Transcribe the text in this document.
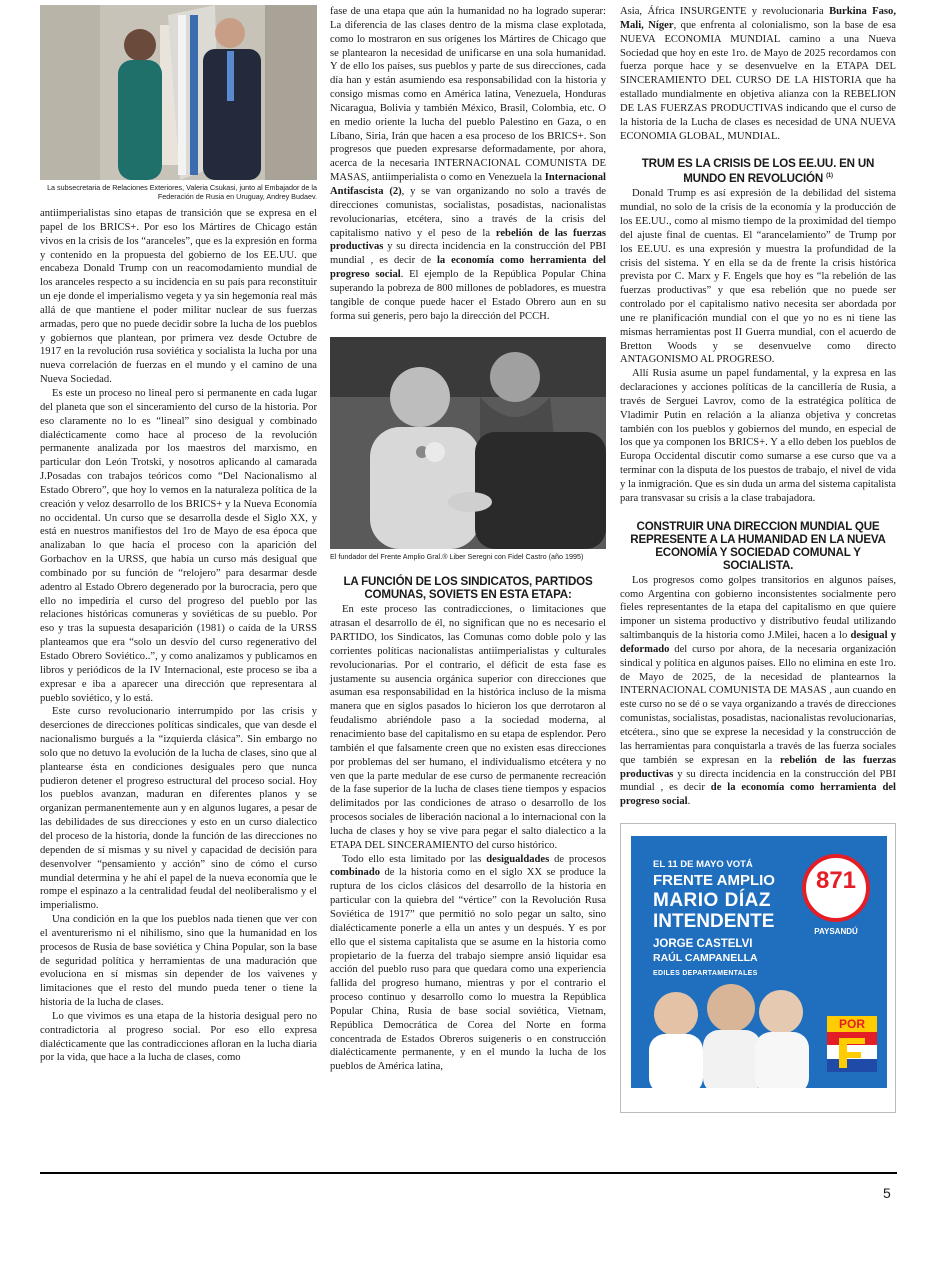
La subsecretaria de Relaciones Exteriores, Valeria Csukasi, junto al Embajador de la Federación de Rusia en Uruguay, Andrey Budaev.

antiimperialistas sino etapas de transición que se expresa en el papel de los BRICS+. Por eso los Mártires de Chicago están vivos en la crisis de los “aranceles”, que es la expresión en forma y contenido en la propuesta del gobierno de los EE.UU. que encabeza Donald Trump con un reacomodamiento mundial de los aranceles respecto a su incidencia en su país para reconstituir un eje donde el imperialismo vegeta y ya sin hegemonía real más allá de que mantiene el poder militar nuclear de sus fuerzas armadas, pero que no puede decidir sobre la lucha de los pueblos y gobiernos que plantean, por primera vez desde Octubre de 1917 en la revolución rusa soviética y socialista la lucha por una nueva correlación de fuerzas en el mundo y el camino de una Nueva Sociedad.

Es este un proceso no lineal pero si permanente en cada lugar del planeta que son el sinceramiento del curso de la historia. Por eso claramente no lo es “lineal” sino desigual y combinado dialécticamente como hace al proceso de la revolución permanente analizada por los maestros del marxismo, en particular don León Trotski, y nosotros aplicando al camarada J.Posadas con trabajos teóricos como “Del Nacionalismo al Estado Obrero”, que hoy lo vemos en la naturaleza política de la creación y veloz desarrollo de los BRICS+ y la Nueva Economía no occidental. Un curso que se desarrolla desde el Siglo XX, y está en nuestros manifiestos del 1ro de Mayo de esa época que analizaban lo que hacía el proceso con la aparición del Gorbachov en la URSS, que había un curso más desigual que combinado por su función de “relojero” para desarmar desde adentro al Estado Obrero degenerado por la burocracia, pero que ello no impediría el curso del progreso del pueblo por las relaciones históricas comuneras y soviéticas de su pueblo. Por eso y tras la supuesta desaparición (1981) o caída de la URSS planteamos que era “solo un desvío del curso regenerativo del Estado Obrero Soviético..”, y como analizamos y publicamos en libros y periódicos de la IV Internacional, este proceso se iba a expresar e iba a aparecer una dirección que representara al pueblo soviético, y lo está.

Este curso revolucionario interrumpido por las crisis y deserciones de direcciones políticas sindicales, que van desde el nacionalismo burgués a la “izquierda clásica”. Sin embargo no solo que no detuvo la evolución de la lucha de clases, sino que al plantearse ésta en condiciones desiguales pero que nunca pudieron detener el progreso estructural del proceso social. Hoy los pueblos avanzan, maduran en diferentes planos y se organizan permanentemente aun y en algunos lugares, a pesar de las debilidades de sus direcciones y esto en un curso dialectico del proceso de la historia, donde la función de las direcciones no dependen de sí mismas y su nivel y capacidad de decisión para desenvolver “pensamiento y acción” sino de cómo el curso mundial determina y he ahí el papel de la nueva economía que le rompe el espinazo a la centralidad feudal del neoliberalismo y el imperialismo.

Una condición en la que los pueblos nada tienen que ver con el aventurerismo ni el nihilismo, sino que la humanidad en los procesos de Rusia de base soviética y China Popular, son la base de seguridad política y herramientas de una maduración que evoluciona en sí mismas sin depender de los vaivenes y limitaciones que el resto del mundo pueda tener o tiene la historia de la lucha de clases.

Lo que vivimos es una etapa de la historia desigual pero no contradictoria al progreso social. Por eso ello expresa dialécticamente que las contradicciones afloran en la lucha diaria por la vida, que hace a la lucha de clases, como

fase de una etapa que aún la humanidad no ha logrado superar: La diferencia de las clases dentro de la misma clase explotada, como lo mostraron en sus orígenes los Mártires de Chicago que se plantearon la necesidad de unificarse en una sola humanidad. Y de ello los países, sus pueblos y parte de sus direcciones, cada día han y están asumiendo esa responsabilidad con la historia y consigo mismas como en América latina, Venezuela, Honduras Nicaragua, Bolivia y también México, Brasil, Colombia, etc. O en medio oriente la lucha del pueblo Palestino en Gaza, o en Líbano, Siria, Irán que hacen a esa proceso de los BRICS+. Son progresos que pueden expresarse deformadamente, por ahora, acerca de la necesaria INTERNACIONAL COMUNISTA DE MASAS, antiimperialista o como en Venezuela la Internacional Antifascista (2), y se van organizando no solo a través de direcciones comunistas, socialistas, posadistas, nacionalistas revolucionarias, etcétera, sino a través de la crisis del capitalismo nativo y el peso de la rebelión de las fuerzas productivas y su directa incidencia en la construcción del PBI mundial , es decir de la economía como herramienta del progreso social. El ejemplo de la República Popular China superando la pobreza de 800 millones de pobladores, es muestra tangible de conque puede hacer el Estado Obrero aun en su forma sui generis, pero bajo la dirección del PCCH.

El fundador del Frente Amplio Gral.® Liber Seregni con Fidel Castro (año 1995)
LA FUNCIÓN DE LOS SINDICATOS, PARTIDOS COMUNAS, SOVIETS EN ESTA ETAPA:

En este proceso las contradicciones, o limitaciones que atrasan el desarrollo de él, no significan que no es necesario el PARTIDO, los Sindicatos, las Comunas como doble polo y las corrientes políticas nacionalistas antiimperialistas y culturales revolucionarias. Por el contrario, el déficit de esta fase es justamente su ausencia orgánica superior con direcciones que asuman esa responsabilidad en la histórica incluso de la misma manera que en siglos pasados lo hicieron los que derrotaron al feudalismo abriéndole paso a la sociedad moderna, al renacimiento base del capitalismo en su etapa de esplendor. Pero también el que falsamente creen que no existen esas direcciones por problemas del ser humano, el individualismo etcétera y no ven que la parte medular de ese curso de permanente recreación de la fase superior de la lucha de clases tiene tiempos y espacios delimitados por las condiciones de atraso o desarrollo de los procesos sociales de liberación nacional a lo internacional con la lucha de clases y hoy se vive para pegar el salto dialectico a la ETAPA DEL SINCERAMIENTO del curso histórico.

Todo ello esta limitado por las desigualdades de procesos combinado de la historia como en el siglo XX se produce la ruptura de los ciclos clásicos del desarrollo de la historia en particular con la quiebra del “vértice” con la Revolución Rusa Soviética de 1917” que permitió no solo pegar un salto, sino dialécticamente ponerle a ella un antes y un después. Y es por ello que el sistema capitalista que se asume en la historia como propietario de la fuerza del trabajo siempre ansió liquidar esa acción del pueblo ruso para que quedara como una experiencia fallida del progreso humano, mientras y por el contrario el proceso continuo y desarrollo como lo muestra la República Popular China, Rusia de base social soviética, Vietnam, República Democrática de Corea del Norte en forma concentrada de Estados Obreros suigeneris o en construcción dialécticamente permanente, y en el mundo la lucha de los pueblos de América latina,

Asia, África INSURGENTE y revolucionaria Burkina Faso, Mali, Níger, que enfrenta al colonialismo, son la base de esa NUEVA ECONOMIA MUNDIAL camino a una Nueva Sociedad que hoy en este 1ro. de Mayo de 2025 recordamos con fuerza porque hace y se desenvuelve en la ETAPA DEL SINCERAMIENTO DEL CURSO DE LA HISTORIA que ha estallado mundialmente en objetiva alianza con la REBELION DE LAS FUERZAS PRODUCTIVAS indicando que el curso de la historia de la Lucha de clases es necesidad de UNA NUEVA ECONOMIA GLOBAL, MUNDIAL.

TRUM ES LA CRISIS DE LOS EE.UU. EN UN MUNDO EN REVOLUCIÓN $^{(1)}$

Donald Trump es así expresión de la debilidad del sistema mundial, no solo de la crisis de la economía y la producción de los EE.UU., como al mismo tiempo de la proximidad del tiempo del ajuste final de cuentas. El “arancelamiento” de Trump por los EE.UU. es una expresión y muestra la profundidad de la crisis del sistema. Y en ella se da de frente la crisis histórica prevista por C. Marx y F. Engels que hoy es “la rebelión de las fuerzas productivas” y que esa rebelión que no puede ser controlado por el capitalismo nativo necesita ser abordada por une re planificación mundial con el que yo no es ni tiene las mismas herramientas post II Guerra mundial, con el acuerdo de Bretton Woods y se desenvuelve como directo ANTAGONISMO AL PROGRESO.

Allí Rusia asume un papel fundamental, y la expresa en las declaraciones y acciones políticas de la cancillería de Rusia, a través de Serguei Lavrov, como de la estratégica política de Vladimir Putin en relación a la alianza objetiva y concretas también con los pueblos y gobiernos del mundo, en especial de los que ya componen los BRICS+. Y a ello deben los pueblos de Europa Occidental discutir como sumarse a ese curso que va a terminar con la disputa de los puestos de trabajo, el nivel de vida y la inmigración. Que es sin duda un arma del sistema capitalista para transvasar su crisis a la clase trabajadora.

CONSTRUIR UNA DIRECCION MUNDIAL QUE REPRESENTE A LA HUMANIDAD EN LA NUEVA ECONOMÍA Y SOCIEDAD COMUNAL Y SOCIALISTA.

Los progresos como golpes transitorios en algunos países, como Argentina con gobierno inconsistentes socialmente pero fieles representantes de la etapa del capitalismo en que quiere imponer un sistema productivo y distributivo feudal utilizando saltimbanquis de la historia como J.Milei, hacen a lo desigual y deformado del curso por ahora, de la necesaria organización sindical y política en algunos países. Ello no elimina en este 1ro. de Mayo de 2025, de la necesidad de plantearnos la INTERNACIONAL COMUNISTA DE MASAS , aun cuando en este curso no se dé o se vaya organizando a través de direcciones comunistas, socialistas, posadistas, nacionalistas revolucionarias, etcétera., sino que se exprese la necesidad y la construcción de las herramientas para conquistarla a través de las fuerza sociales que también se expresan en la rebelión de las fuerzas productivas y su directa incidencia en la construcción del PBI mundial , es decir de la economía como herramienta del progreso social.

EL 11 DE MAYO VOTÁ
FRENTE AMPLIO
MARIO DÍAZ
INTENDENTE
JORGE CASTELVI
RAÚL CAMPANELLA
EDILES DEPARTAMENTALES
871
PAYSANDÚ
POR
5
